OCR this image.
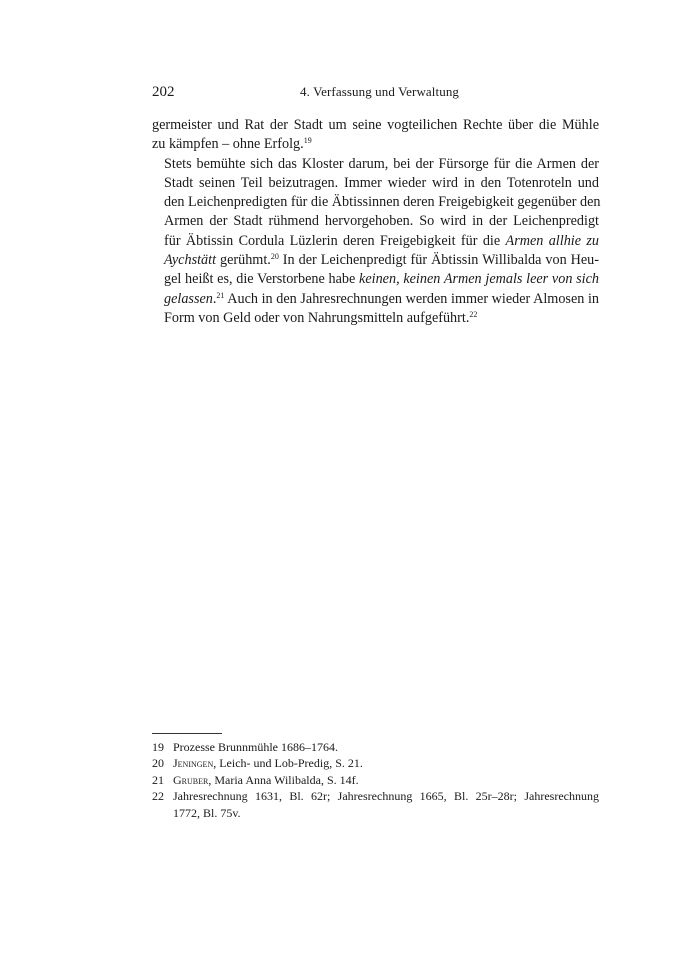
202	4. Verfassung und Verwaltung

germeister und Rat der Stadt um seine vogteilichen Rechte über die Mühle
zu kämpfen – ohne Erfolg.$^{19}$

Stets bemühte sich das Kloster darum, bei der Fürsorge für die Armen der
Stadt seinen Teil beizutragen. Immer wieder wird in den Totenroteln und
den Leichenpredigten für die Äbtissinnen deren Freigebigkeit gegenüber den
Armen der Stadt rühmend hervorgehoben. So wird in der Leichenpredigt
für Äbtissin Cordula Lüzlerin deren Freigebigkeit für die Armen allhie zu
Aychstätt gerühmt.$^{20}$ In der Leichenpredigt für Äbtissin Willibalda von Heu-
gel heißt es, die Verstorbene habe keinen, keinen Armen jemals leer von sich
gelassen.$^{21}$ Auch in den Jahresrechnungen werden immer wieder Almosen in
Form von Geld oder von Nahrungsmitteln aufgeführt.$^{22}$

19 Prozesse Brunnmühle 1686–1764.
20 Jeningen, Leich- und Lob-Predig, S. 21.
21 Gruber, Maria Anna Wilibalda, S. 14f.
22 Jahresrechnung 1631, Bl. 62r; Jahresrechnung 1665, Bl. 25r–28r; Jahresrechnung
1772, Bl. 75v.
